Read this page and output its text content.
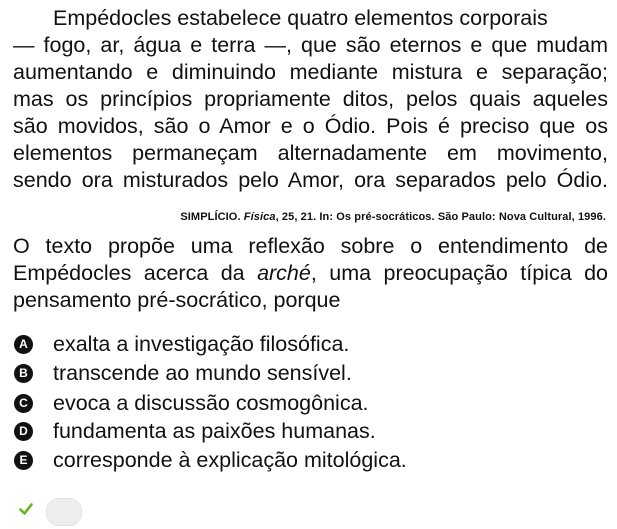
Empédocles estabelece quatro elementos corporais
— fogo, ar, água e terra —, que são eternos e que mudam
aumentando e diminuindo mediante mistura e separação;
mas os princípios propriamente ditos, pelos quais aqueles
são movidos, são o Amor e o Ódio. Pois é preciso que os
elementos permaneçam alternadamente em movimento,
sendo ora misturados pelo Amor, ora separados pelo Ódio.
SIMPLÍCIO. Física, 25, 21. In: Os pré-socráticos. São Paulo: Nova Cultural, 1996.
O texto propõe uma reflexão sobre o entendimento de
Empédocles acerca da arché, uma preocupação típica do
pensamento pré-socrático, porque
A exalta a investigação filosófica.
B transcende ao mundo sensível.
C evoca a discussão cosmogônica.
D fundamenta as paixões humanas.
E corresponde à explicação mitológica.
